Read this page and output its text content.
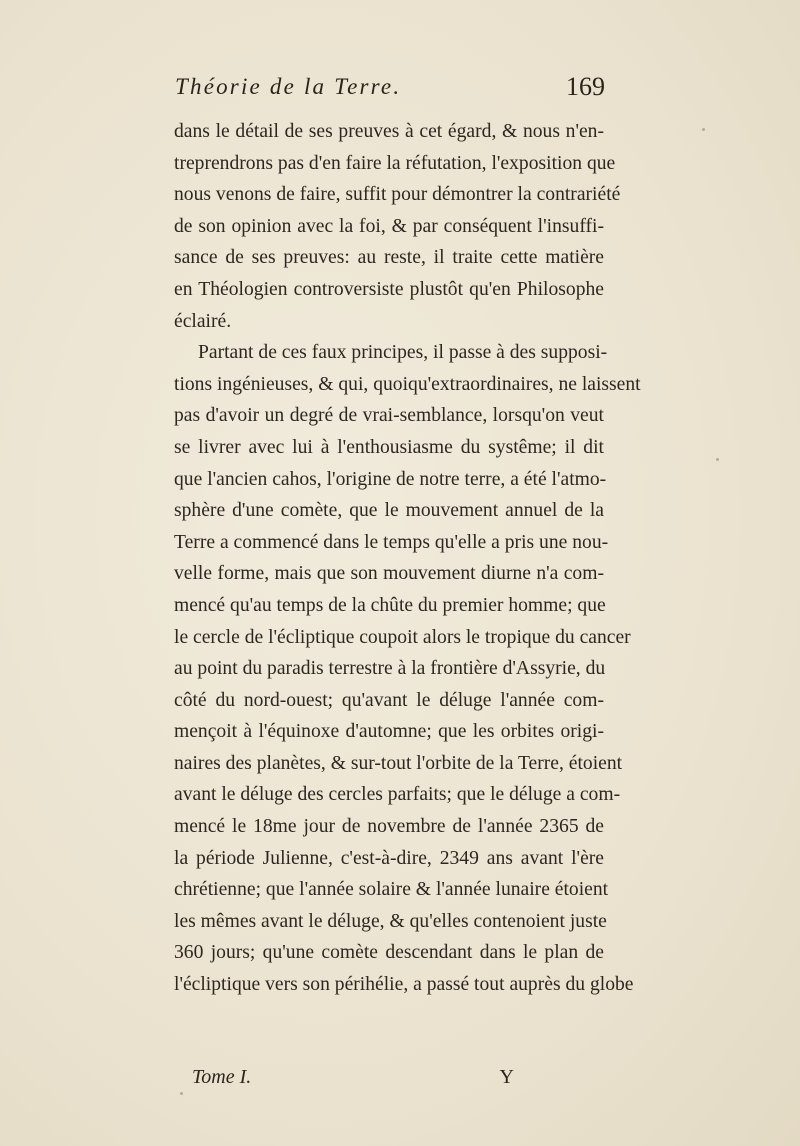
Théorie de la Terre.	169
dans le détail de ses preuves à cet égard, & nous n'en-
treprendrons pas d'en faire la réfutation, l'exposition que
nous venons de faire, suffit pour démontrer la contrariété
de son opinion avec la foi, & par conséquent l'insuffi-
sance de ses preuves: au reste, il traite cette matière
en Théologien controversiste plustôt qu'en Philosophe
éclairé.
Partant de ces faux principes, il passe à des supposi-
tions ingénieuses, & qui, quoiqu'extraordinaires, ne laissent
pas d'avoir un degré de vrai-semblance, lorsqu'on veut
se livrer avec lui à l'enthousiasme du systême; il dit
que l'ancien cahos, l'origine de notre terre, a été l'atmo-
sphère d'une comète, que le mouvement annuel de la
Terre a commencé dans le temps qu'elle a pris une nou-
velle forme, mais que son mouvement diurne n'a com-
mencé qu'au temps de la chûte du premier homme; que
le cercle de l'écliptique coupoit alors le tropique du cancer
au point du paradis terrestre à la frontière d'Assyrie, du
côté du nord-ouest; qu'avant le déluge l'année com-
mençoit à l'équinoxe d'automne; que les orbites origi-
naires des planètes, & sur-tout l'orbite de la Terre, étoient
avant le déluge des cercles parfaits; que le déluge a com-
mencé le 18me jour de novembre de l'année 2365 de
la période Julienne, c'est-à-dire, 2349 ans avant l'ère
chrétienne; que l'année solaire & l'année lunaire étoient
les mêmes avant le déluge, & qu'elles contenoient juste
360 jours; qu'une comète descendant dans le plan de
l'écliptique vers son périhélie, a passé tout auprès du globe
Tome I.	Y
